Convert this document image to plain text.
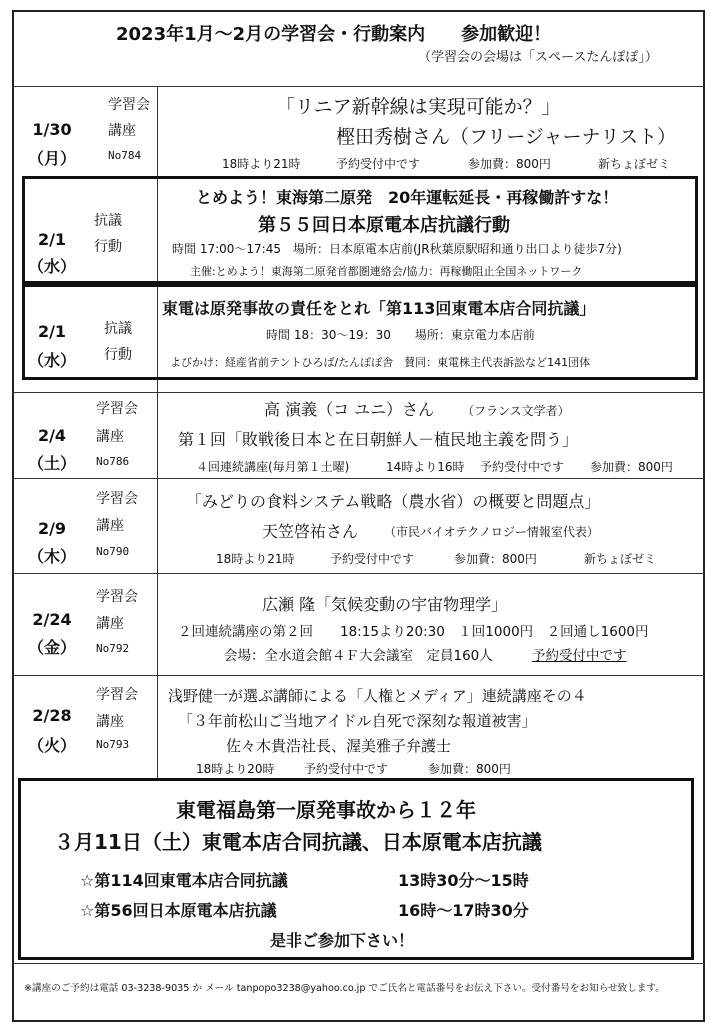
2023年1月～2月の学習会・行動案内　　参加歓迎！
（学習会の会場は「スペースたんぽぽ」）
1/30
（月）
学習会
講座
No784
「リニア新幹線は実現可能か？」
樫田秀樹さん（フリージャーナリスト）
18時より21時	予約受付中です	参加費：800円	新ちょぼゼミ
2/1
（水）
抗議
行動
とめよう！東海第二原発　20年運転延長・再稼働許すな！
第５５回日本原電本店抗議行動
時間 17:00～17:45　場所：日本原電本店前(JR秋葉原駅昭和通り出口より徒歩7分)
主催:とめよう！東海第二原発首都圏連絡会/協力：再稼働阻止全国ネットワーク
2/1
（水）
抗議
行動
東電は原発事故の責任をとれ「第113回東電本店合同抗議」
時間 18：30～19：30　　場所：東京電力本店前
よびかけ：経産省前テントひろば/たんぽぽ舎　賛同：東電株主代表訴訟など141団体
2/4
（土）
学習会
講座
No786
高 演義（コ ユニ）さん （フランス文学者）
第１回「敗戦後日本と在日朝鮮人－植民地主義を問う」
４回連続講座(毎月第１土曜)	14時より16時 予約受付中です 参加費：800円
2/9
（木）
学習会
講座
No790
「みどりの食料システム戦略（農水省）の概要と問題点」
天笠啓祐さん （市民バイオテクノロジー情報室代表）
18時より21時	予約受付中です	参加費：800円	新ちょぼゼミ
2/24
（金）
学習会
講座
No792
広瀬 隆「気候変動の宇宙物理学」
２回連続講座の第２回　　18:15より20:30　１回1000円　２回通し1600円
会場：全水道会館４Ｆ大会議室　定員160人	予約受付中です
2/28
（火）
学習会
講座
No793
浅野健一が選ぶ講師による「人権とメディア」連続講座その４
「３年前松山ご当地アイドル自死で深刻な報道被害」
佐々木貴浩社長、渥美雅子弁護士
18時より20時 予約受付中です	参加費：800円
東電福島第一原発事故から１２年
３月11日（土）東電本店合同抗議、日本原電本店抗議
☆第114回東電本店合同抗議	13時30分～15時
☆第56回日本原電本店抗議	16時～17時30分
是非ご参加下さい！
※講座のご予約は電話 03-3238-9035 か メール tanpopo3238@yahoo.co.jp でご氏名と電話番号をお伝え下さい。受付番号をお知らせ致します。
